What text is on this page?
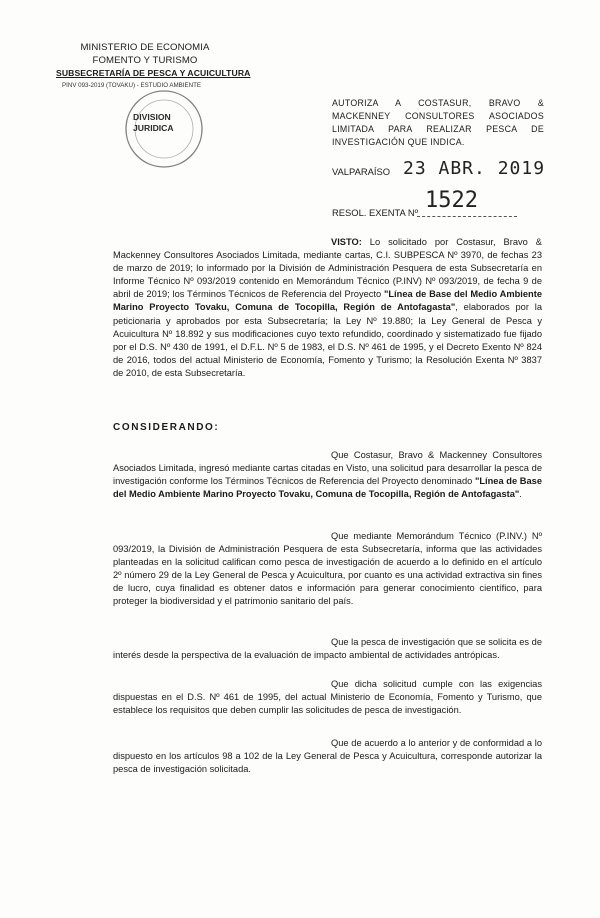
MINISTERIO DE ECONOMIA
FOMENTO Y TURISMO
SUBSECRETARÍA DE PESCA Y ACUICULTURA
PINV 093-2019 (TOVAKU) - ESTUDIO AMBIENTE
DIVISION
JURIDICA
AUTORIZA A COSTASUR, BRAVO & MACKENNEY CONSULTORES ASOCIADOS LIMITADA PARA REALIZAR PESCA DE INVESTIGACIÓN QUE INDICA.
VALPARAÍSO 23 ABR. 2019
RESOL. EXENTA Nº 1522
VISTO: Lo solicitado por Costasur, Bravo & Mackenney Consultores Asociados Limitada, mediante cartas, C.I. SUBPESCA Nº 3970, de fechas 23 de marzo de 2019; lo informado por la División de Administración Pesquera de esta Subsecretaría en Informe Técnico Nº 093/2019 contenido en Memorándum Técnico (P.INV) Nº 093/2019, de fecha 9 de abril de 2019; los Términos Técnicos de Referencia del Proyecto "Línea de Base del Medio Ambiente Marino Proyecto Tovaku, Comuna de Tocopilla, Región de Antofagasta", elaborados por la peticionaria y aprobados por esta Subsecretaría; la Ley Nº 19.880; la Ley General de Pesca y Acuicultura Nº 18.892 y sus modificaciones cuyo texto refundido, coordinado y sistematizado fue fijado por el D.S. Nº 430 de 1991, el D.F.L. Nº 5 de 1983, el D.S. Nº 461 de 1995, y el Decreto Exento Nº 824 de 2016, todos del actual Ministerio de Economía, Fomento y Turismo; la Resolución Exenta Nº 3837 de 2010, de esta Subsecretaría.
CONSIDERANDO:
Que Costasur, Bravo & Mackenney Consultores Asociados Limitada, ingresó mediante cartas citadas en Visto, una solicitud para desarrollar la pesca de investigación conforme los Términos Técnicos de Referencia del Proyecto denominado "Línea de Base del Medio Ambiente Marino Proyecto Tovaku, Comuna de Tocopilla, Región de Antofagasta".
Que mediante Memorándum Técnico (P.INV.) Nº 093/2019, la División de Administración Pesquera de esta Subsecretaría, informa que las actividades planteadas en la solicitud califican como pesca de investigación de acuerdo a lo definido en el artículo 2º número 29 de la Ley General de Pesca y Acuicultura, por cuanto es una actividad extractiva sin fines de lucro, cuya finalidad es obtener datos e información para generar conocimiento científico, para proteger la biodiversidad y el patrimonio sanitario del país.
Que la pesca de investigación que se solicita es de interés desde la perspectiva de la evaluación de impacto ambiental de actividades antrópicas.
Que dicha solicitud cumple con las exigencias dispuestas en el D.S. Nº 461 de 1995, del actual Ministerio de Economía, Fomento y Turismo, que establece los requisitos que deben cumplir las solicitudes de pesca de investigación.
Que de acuerdo a lo anterior y de conformidad a lo dispuesto en los artículos 98 a 102 de la Ley General de Pesca y Acuicultura, corresponde autorizar la pesca de investigación solicitada.
